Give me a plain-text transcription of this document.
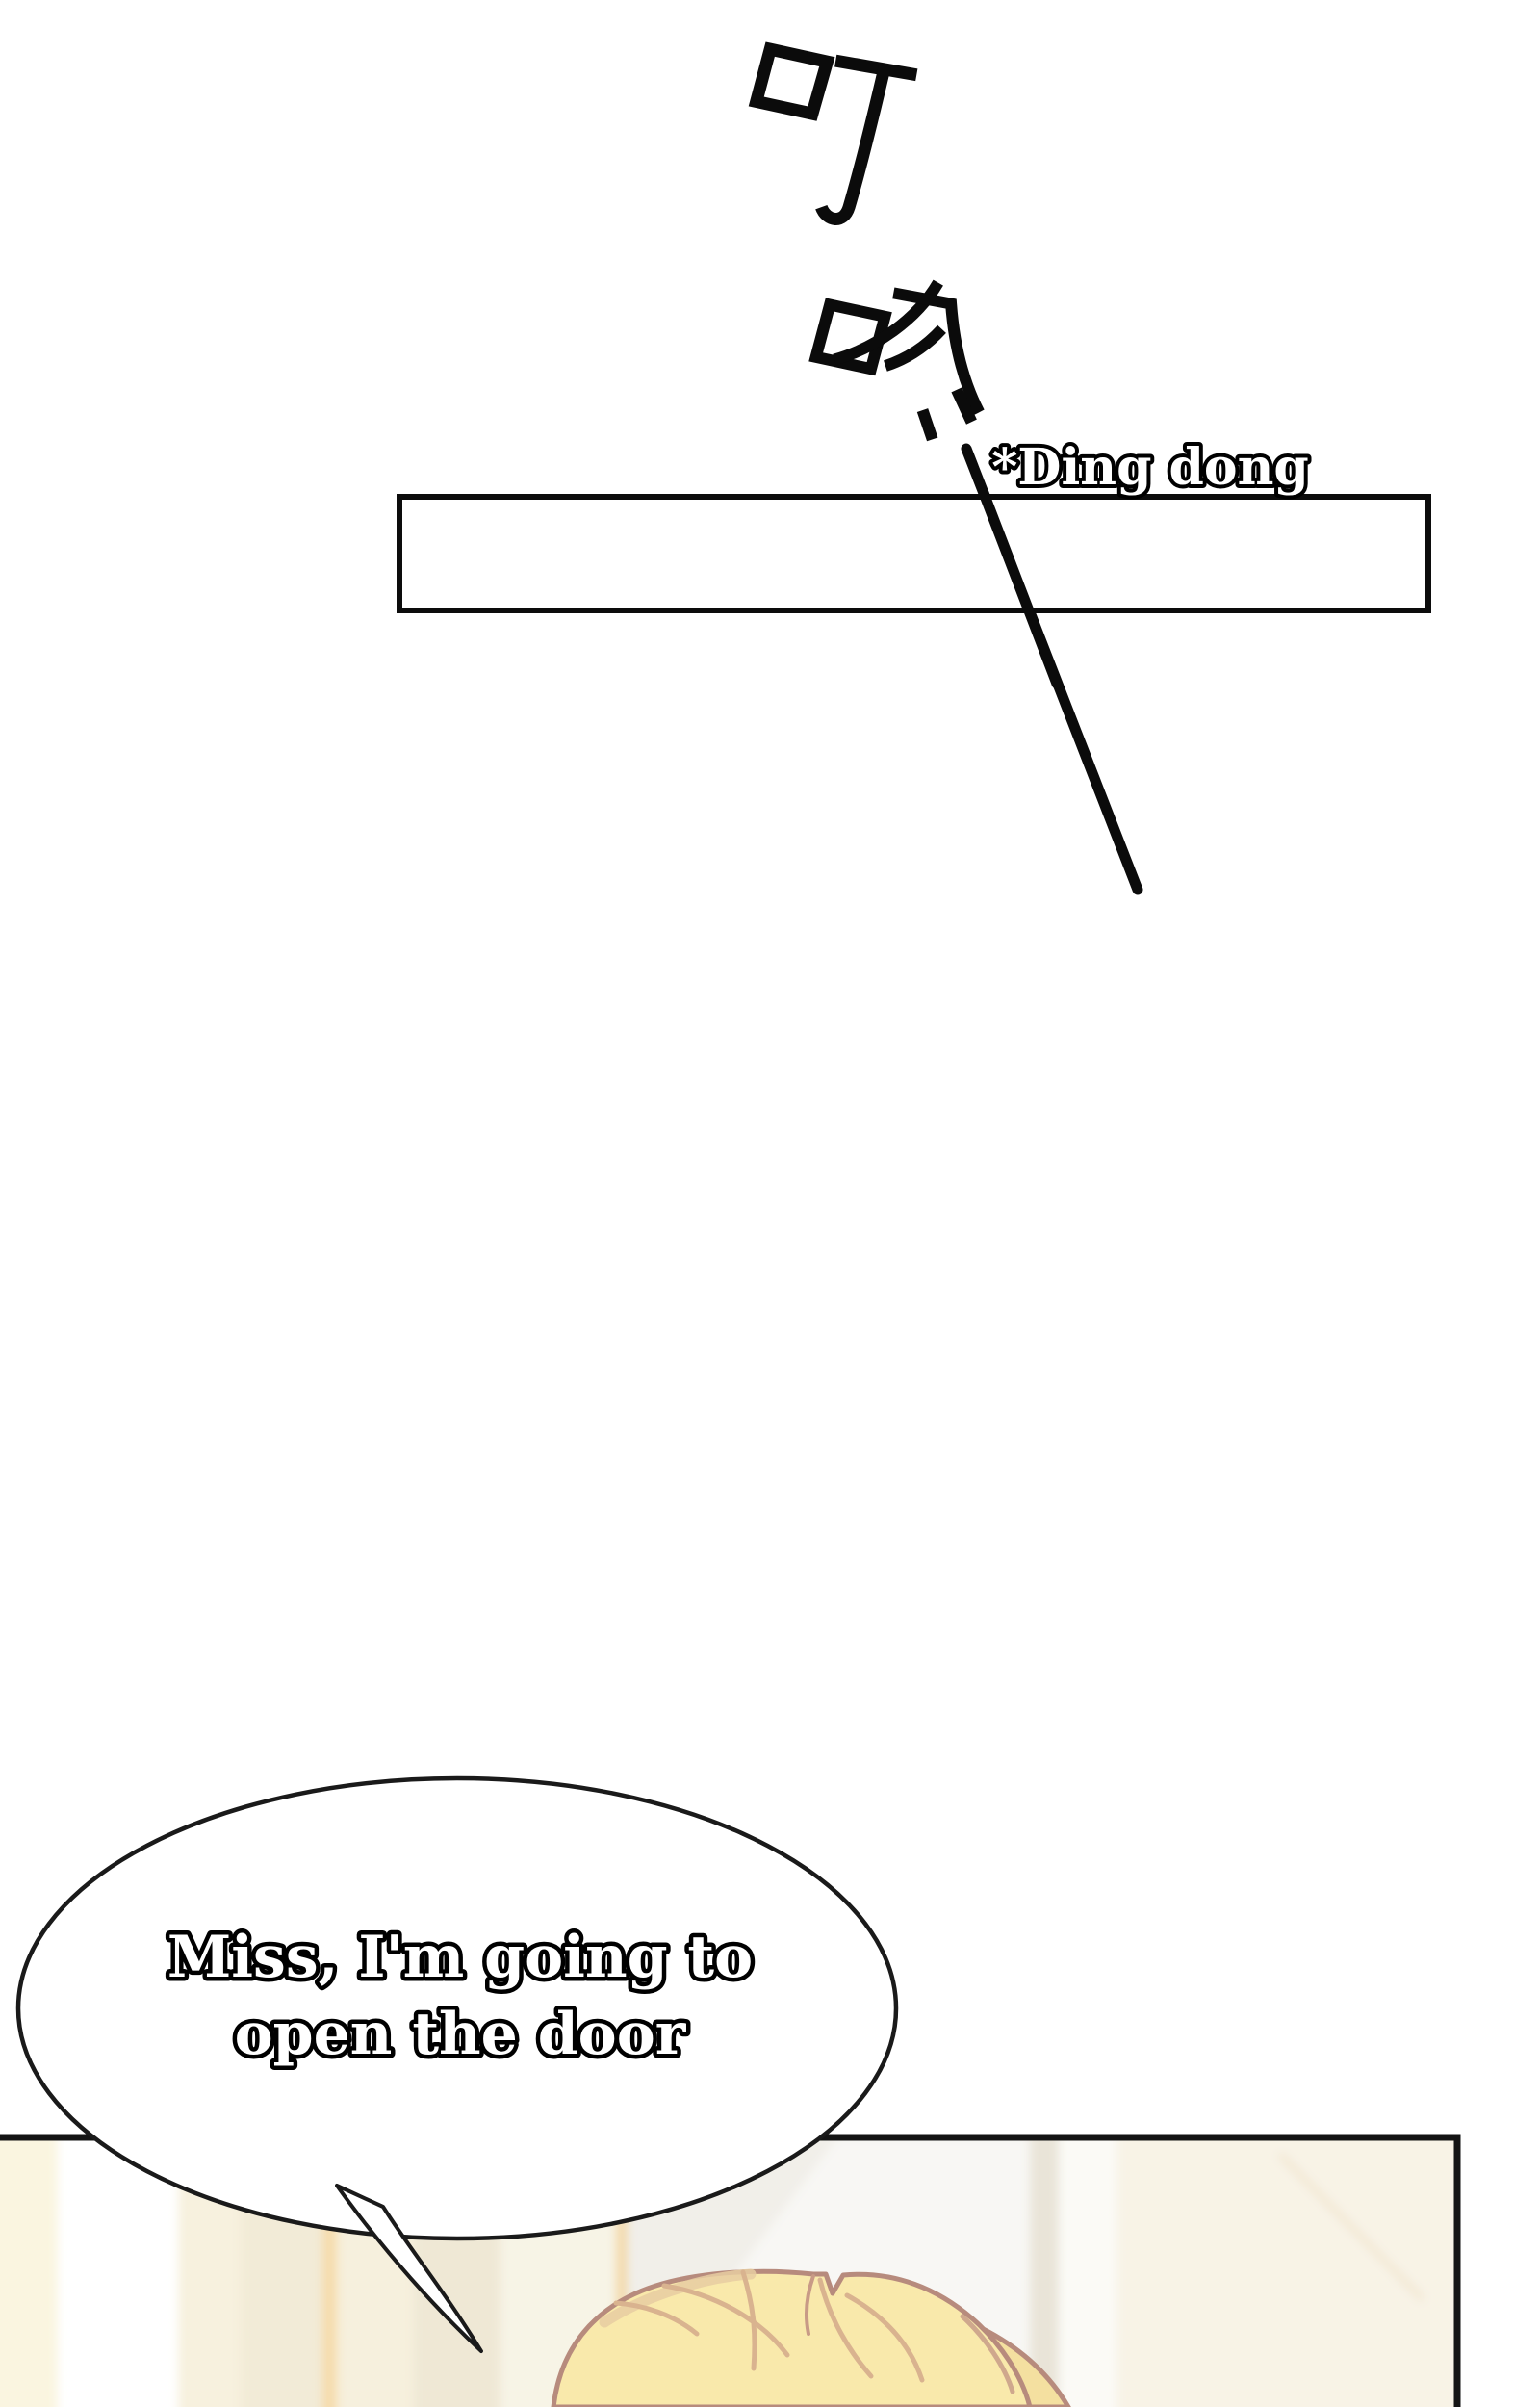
*Ding dong
Miss, I'm going to
open the door
